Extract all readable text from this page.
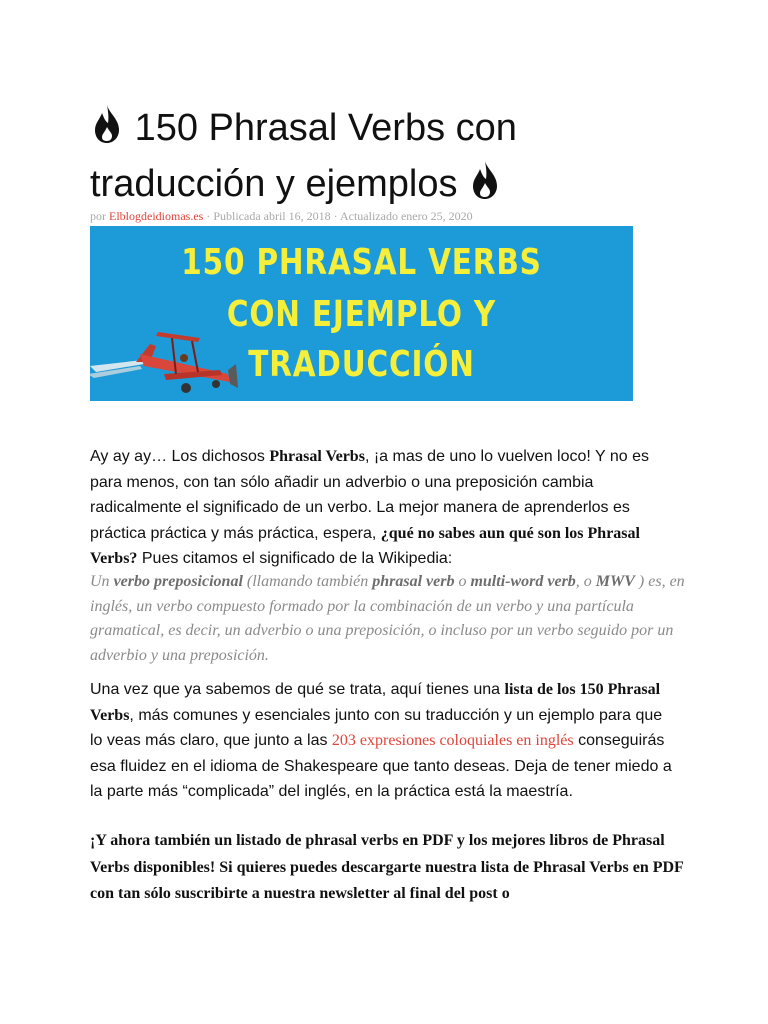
150 Phrasal Verbs con
traducción y ejemplos
por Elblogdeidiomas.es · Publicada abril 16, 2018 · Actualizado enero 25, 2020
150 PHRASAL VERBS
CON EJEMPLO Y
TRADUCCIÓN

Ay ay ay… Los dichosos Phrasal Verbs, ¡a mas de uno lo vuelven loco! Y no es para menos, con tan sólo añadir un adverbio o una preposición cambia radicalmente el significado de un verbo. La mejor manera de aprenderlos es práctica práctica y más práctica, espera, ¿qué no sabes aun qué son los Phrasal Verbs? Pues citamos el significado de la Wikipedia:

Un verbo preposicional (llamando también phrasal verb o multi-word verb, o MWV ) es, en inglés, un verbo compuesto formado por la combinación de un verbo y una partícula gramatical, es decir, un adverbio o una preposición, o incluso por un verbo seguido por un adverbio y una preposición.

Una vez que ya sabemos de qué se trata, aquí tienes una lista de los 150 Phrasal Verbs, más comunes y esenciales junto con su traducción y un ejemplo para que lo veas más claro, que junto a las 203 expresiones coloquiales en inglés conseguirás esa fluidez en el idioma de Shakespeare que tanto deseas. Deja de tener miedo a la parte más “complicada” del inglés, en la práctica está la maestría.

¡Y ahora también un listado de phrasal verbs en PDF y los mejores libros de Phrasal Verbs disponibles! Si quieres puedes descargarte nuestra lista de Phrasal Verbs en PDF con tan sólo suscribirte a nuestra newsletter al final del post o
